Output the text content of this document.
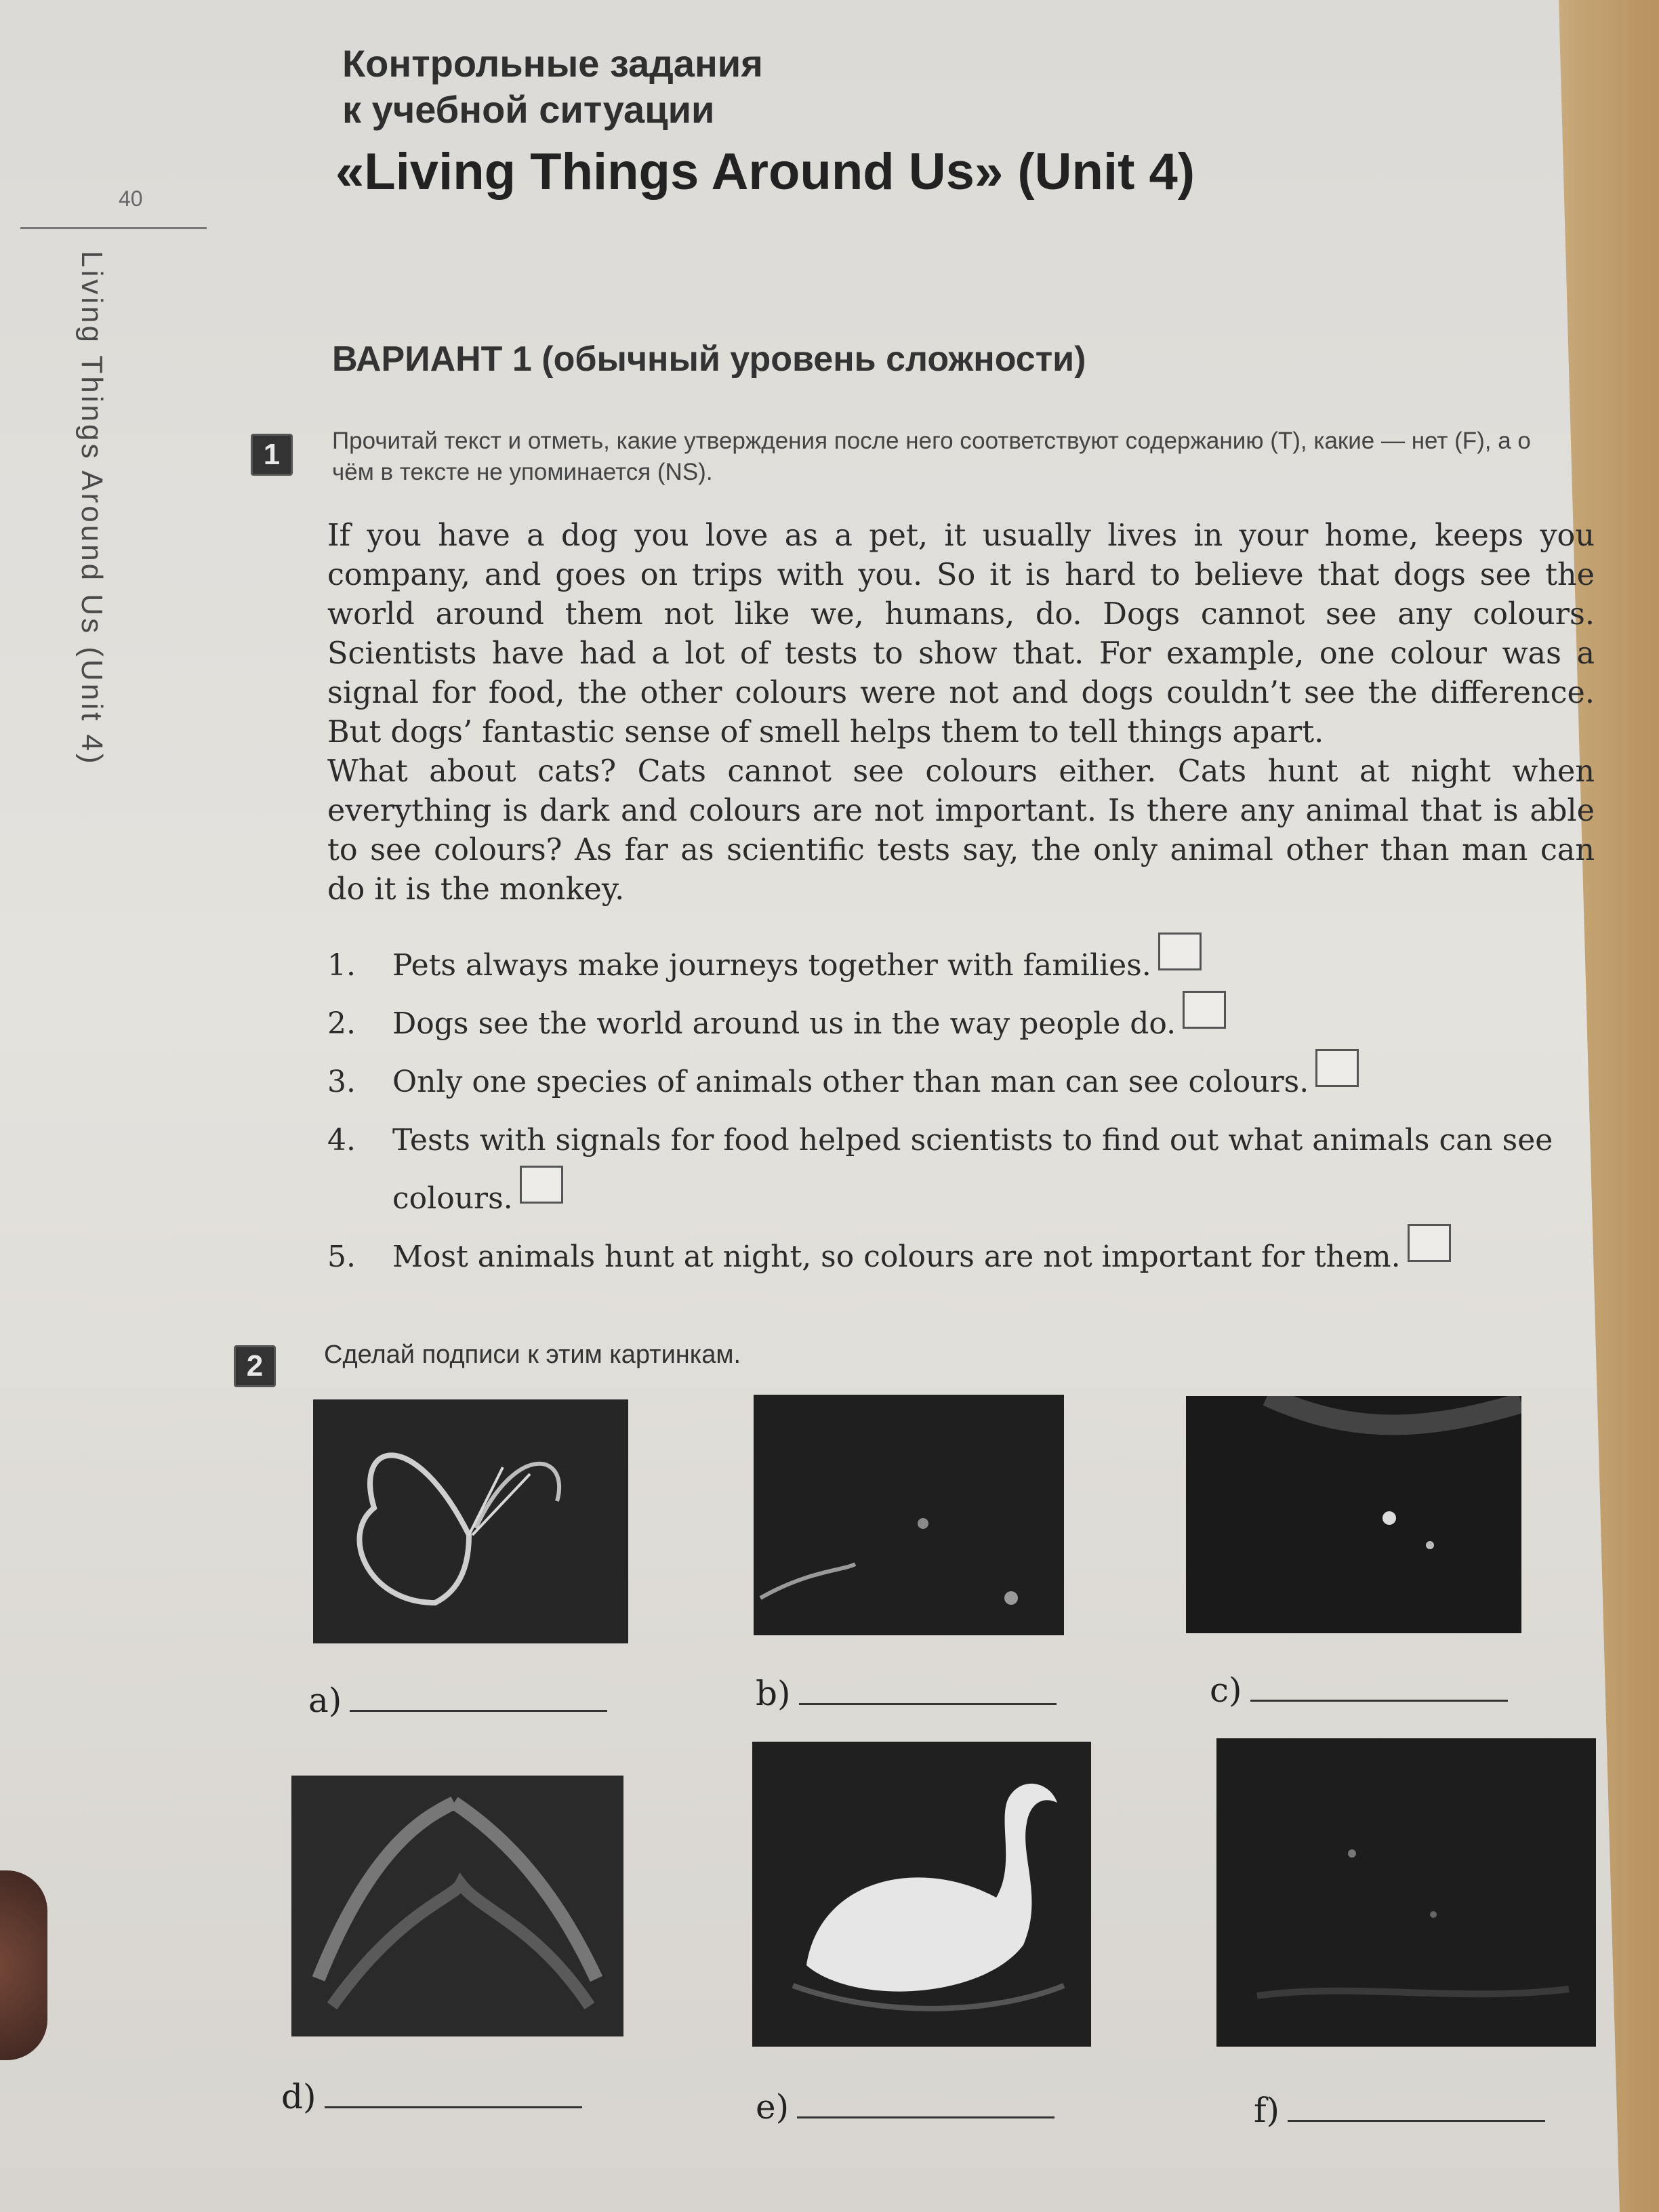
40
Living Things Around Us (Unit 4)
Контрольные задания
к учебной ситуации
«Living Things Around Us» (Unit 4)
ВАРИАНТ 1 (обычный уровень сложности)
1	Прочитай текст и отметь, какие утверждения после него соответствуют содержанию (T), какие — нет (F), а о чём в тексте не упоминается (NS).

If you have a dog you love as a pet, it usually lives in your home, keeps you company, and goes on trips with you. So it is hard to believe that dogs see the world around them not like we, humans, do. Dogs cannot see any colours. Scientists have had a lot of tests to show that. For example, one colour was a signal for food, the other colours were not and dogs couldn’t see the difference. But dogs’ fantastic sense of smell helps them to tell things apart.

What about cats? Cats cannot see colours either. Cats hunt at night when everything is dark and colours are not important. Is there any animal that is able to see colours? As far as scientific tests say, the only animal other than man can do it is the monkey.

1.	Pets always make journeys together with families.
2.	Dogs see the world around us in the way people do.
3.	Only one species of animals other than man can see colours.
4.	Tests with signals for food helped scientists to find out what animals can see colours.
5.	Most animals hunt at night, so colours are not important for them.
2	Сделай подписи к этим картинкам.

a)	b)	c)
d)	e)	f)
